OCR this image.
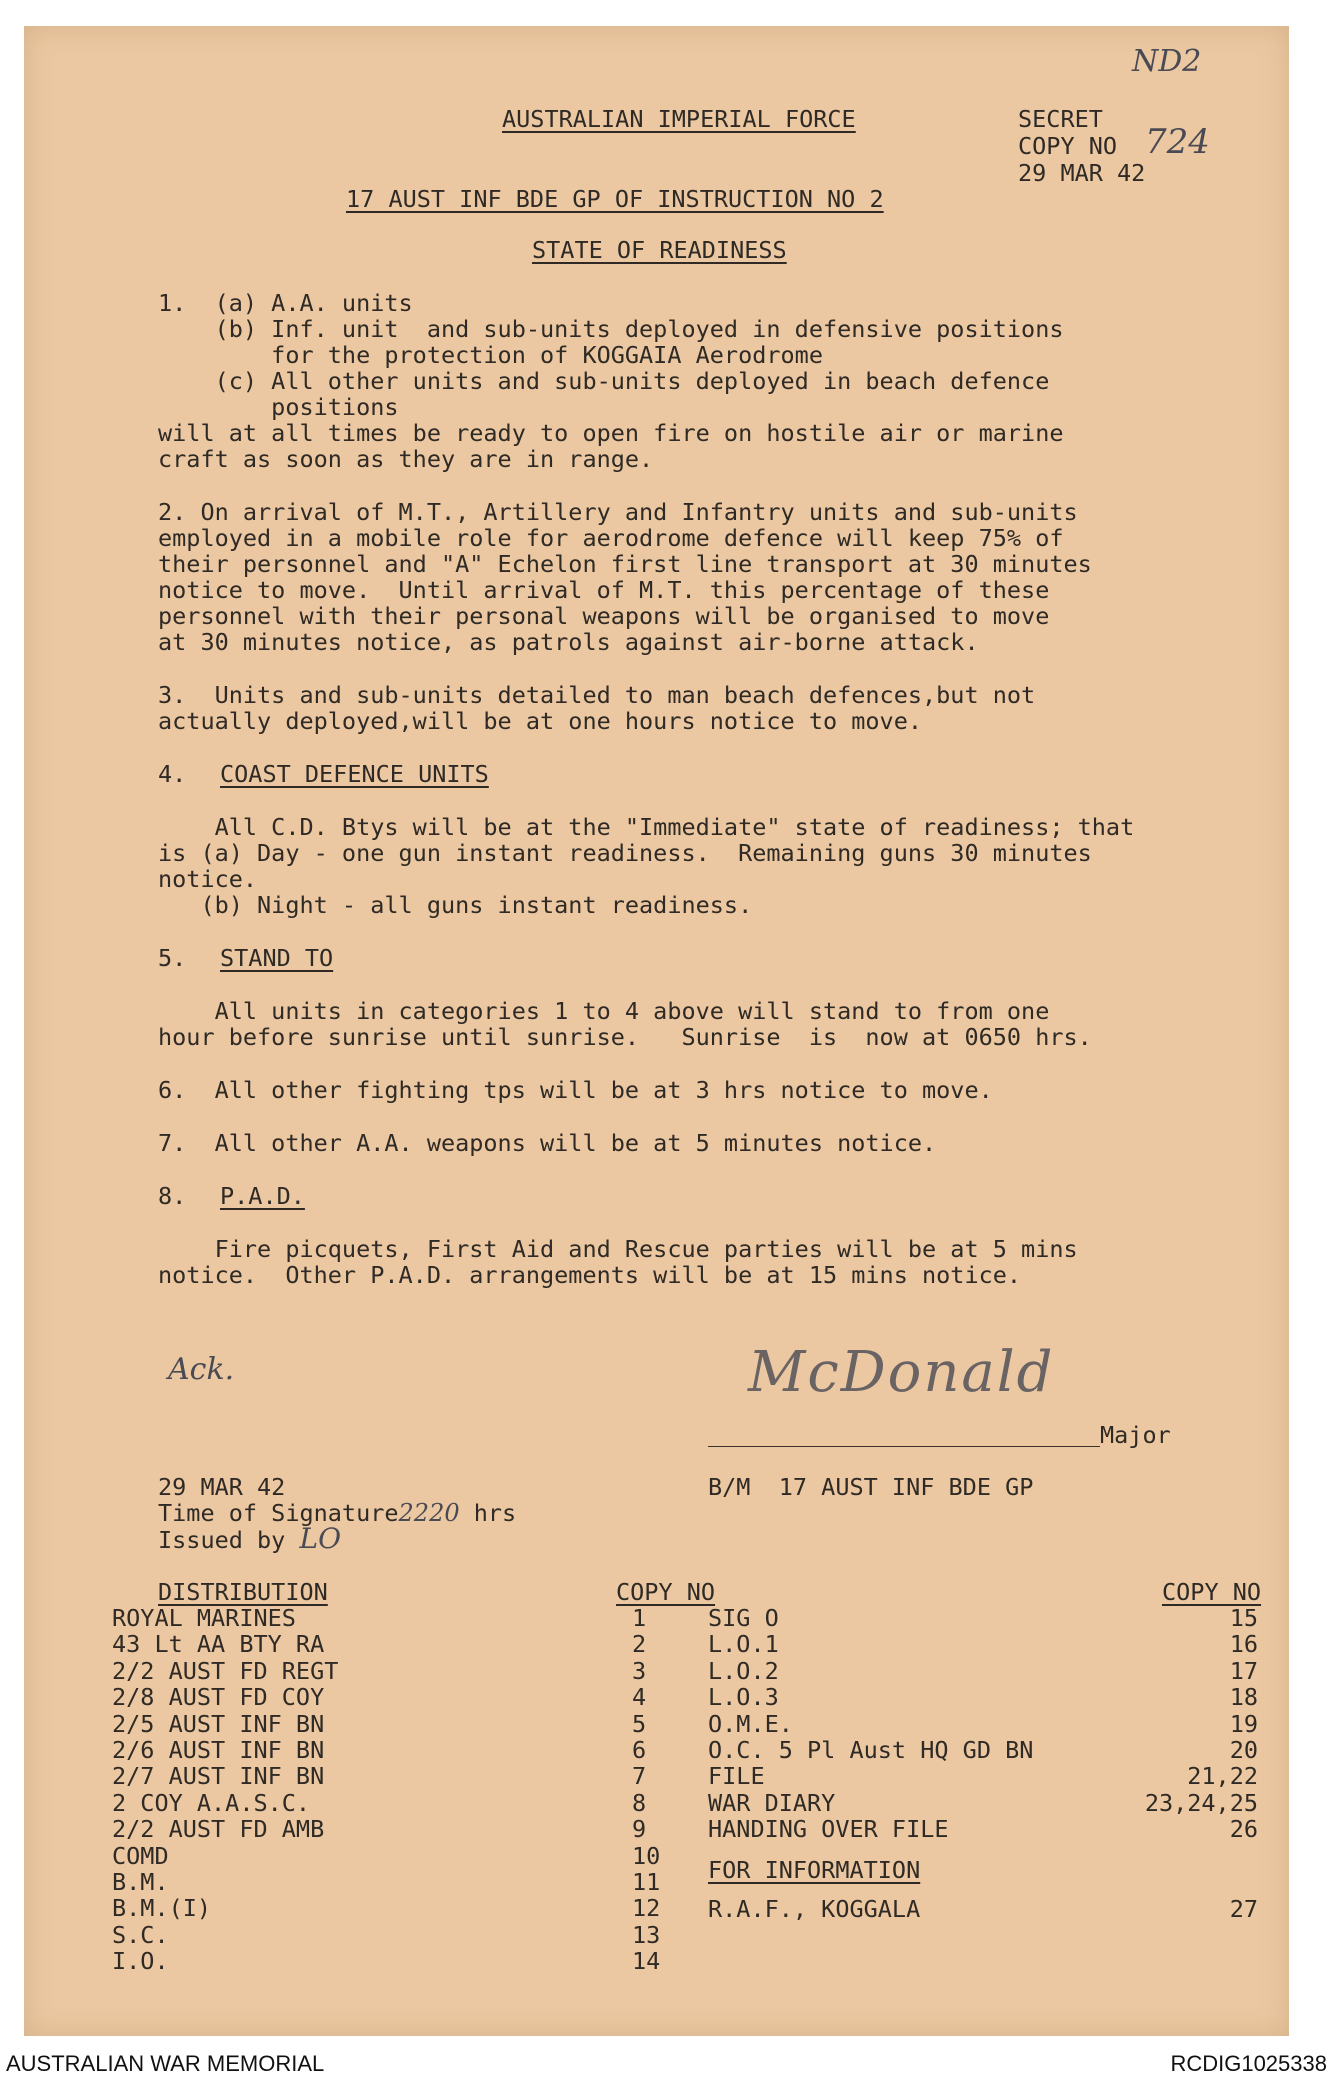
ND2
AUSTRALIAN IMPERIAL FORCE	SECRET
COPY NO 724
29 MAR 42
17 AUST INF BDE GP OF INSTRUCTION NO 2
STATE OF READINESS
1.  (a) A.A. units
(b) Inf. unit  and sub-units deployed in defensive positions
for the protection of KOGGAIA Aerodrome
(c) All other units and sub-units deployed in beach defence
positions
will at all times be ready to open fire on hostile air or marine
craft as soon as they are in range.
2. On arrival of M.T., Artillery and Infantry units and sub-units
employed in a mobile role for aerodrome defence will keep 75% of
their personnel and "A" Echelon first line transport at 30 minutes
notice to move.  Until arrival of M.T. this percentage of these
personnel with their personal weapons will be organised to move
at 30 minutes notice, as patrols against air-borne attack.
3.  Units and sub-units detailed to man beach defences,but not
actually deployed,will be at one hours notice to move.
4. COAST DEFENCE UNITS
All C.D. Btys will be at the "Immediate" state of readiness; that
is (a) Day - one gun instant readiness.  Remaining guns 30 minutes
notice.
(b) Night - all guns instant readiness.
5. STAND TO
All units in categories 1 to 4 above will stand to from one
hour before sunrise until sunrise.   Sunrise  is  now at 0650 hrs.
6.  All other fighting tps will be at 3 hrs notice to move.
7.  All other A.A. weapons will be at 5 minutes notice.
8. P.A.D.
Fire picquets, First Aid and Rescue parties will be at 5 mins
notice.  Other P.A.D. arrangements will be at 15 mins notice.
Ack.	McDonald
Major
B/M  17 AUST INF BDE GP
29 MAR 42
Time of Signature2220 hrs
Issued by LO
DISTRIBUTION	COPY NO	COPY NO
ROYAL MARINES	1
43 Lt AA BTY RA	2
2/2 AUST FD REGT	3
2/8 AUST FD COY	4
2/5 AUST INF BN	5
2/6 AUST INF BN	6
2/7 AUST INF BN	7
2 COY A.A.S.C.	8
2/2 AUST FD AMB	9
COMD	10
B.M.	11
B.M.(I)	12
S.C.	13
I.O.	14
SIG O	15
L.O.1	16
L.O.2	17
L.O.3	18
O.M.E.	19
O.C. 5 Pl Aust HQ GD BN	20
FILE	21,22
WAR DIARY	23,24,25
HANDING OVER FILE	26
FOR INFORMATION
R.A.F., KOGGALA	27
AUSTRALIAN WAR MEMORIAL	RCDIG1025338
